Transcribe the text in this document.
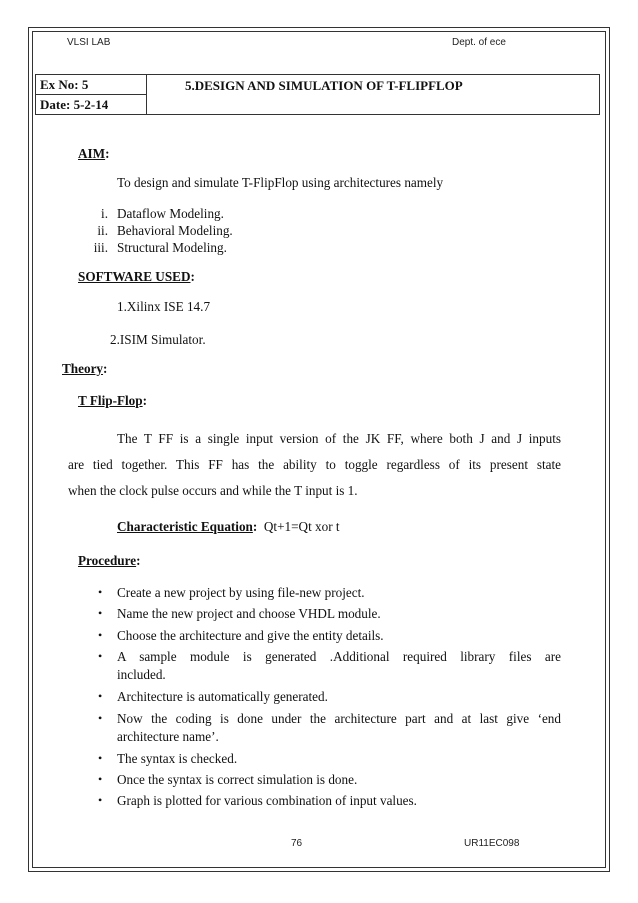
VLSI LAB	Dept. of ece
Ex No: 5	5.DESIGN AND SIMULATION OF T-FLIPFLOP
Date: 5-2-14
AIM:
To design and simulate T-FlipFlop using architectures namely
i. Dataflow Modeling.
ii. Behavioral Modeling.
iii. Structural Modeling.
SOFTWARE USED:
1.Xilinx ISE 14.7
2.ISIM Simulator.
Theory:
T Flip-Flop:
The T FF is a single input version of the JK FF, where both J and J inputs
are tied together. This FF has the ability to toggle regardless of its present state
when the clock pulse occurs and while the T input is 1.
Characteristic Equation: Qt+1=Qt xor t
Procedure:
• Create a new project by using file-new project.
• Name the new project and choose VHDL module.
• Choose the architecture and give the entity details.
• A sample module is generated .Additional required library files are
included.
• Architecture is automatically generated.
• Now the coding is done under the architecture part and at last give ‘end
architecture name’.
• The syntax is checked.
• Once the syntax is correct simulation is done.
• Graph is plotted for various combination of input values.
76	UR11EC098
